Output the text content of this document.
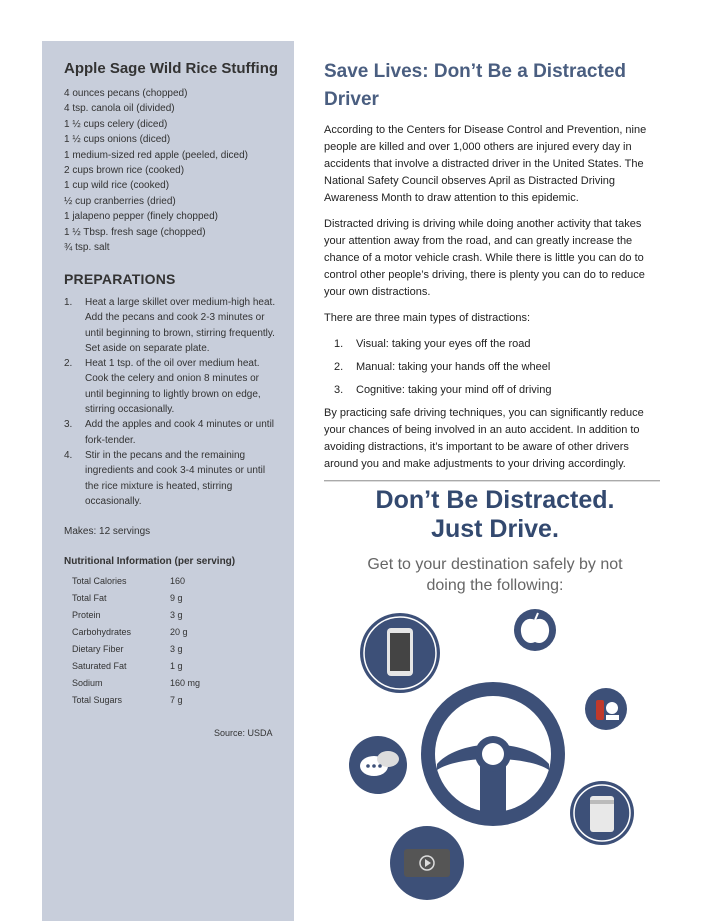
Apple Sage Wild Rice Stuffing
4 ounces pecans (chopped)
4 tsp. canola oil (divided)
1 ½ cups celery (diced)
1 ½ cups onions (diced)
1 medium-sized red apple (peeled, diced)
2 cups brown rice (cooked)
1 cup wild rice (cooked)
½ cup cranberries (dried)
1 jalapeno pepper (finely chopped)
1 ½ Tbsp. fresh sage (chopped)
¾ tsp. salt
PREPARATIONS
1. Heat a large skillet over medium-high heat. Add the pecans and cook 2-3 minutes or until beginning to brown, stirring frequently. Set aside on separate plate.
2. Heat 1 tsp. of the oil over medium heat. Cook the celery and onion 8 minutes or until beginning to lightly brown on edge, stirring occasionally.
3. Add the apples and cook 4 minutes or until fork-tender.
4. Stir in the pecans and the remaining ingredients and cook 3-4 minutes or until the rice mixture is heated, stirring occasionally.
Makes: 12 servings
Nutritional Information (per serving)
Total Calories	160
Total Fat	9 g
Protein	3 g
Carbohydrates	20 g
Dietary Fiber	3 g
Saturated Fat	1 g
Sodium	160 mg
Total Sugars	7 g
Source: USDA
Save Lives: Don’t Be a Distracted Driver

According to the Centers for Disease Control and Prevention, nine people are killed and over 1,000 others are injured every day in accidents that involve a distracted driver in the United States. The National Safety Council observes April as Distracted Driving Awareness Month to draw attention to this epidemic.

Distracted driving is driving while doing another activity that takes your attention away from the road, and can greatly increase the chance of a motor vehicle crash. While there is little you can do to control other people’s driving, there is plenty you can do to reduce your own distractions.

There are three main types of distractions:

1. Visual: taking your eyes off the road
2. Manual: taking your hands off the wheel
3. Cognitive: taking your mind off of driving

By practicing safe driving techniques, you can significantly reduce your chances of being involved in an auto accident. In addition to avoiding distractions, it’s important to be aware of other drivers around you and make adjustments to your driving accordingly.

Don’t Be Distracted.
Just Drive.
Get to your destination safely by not
doing the following:
